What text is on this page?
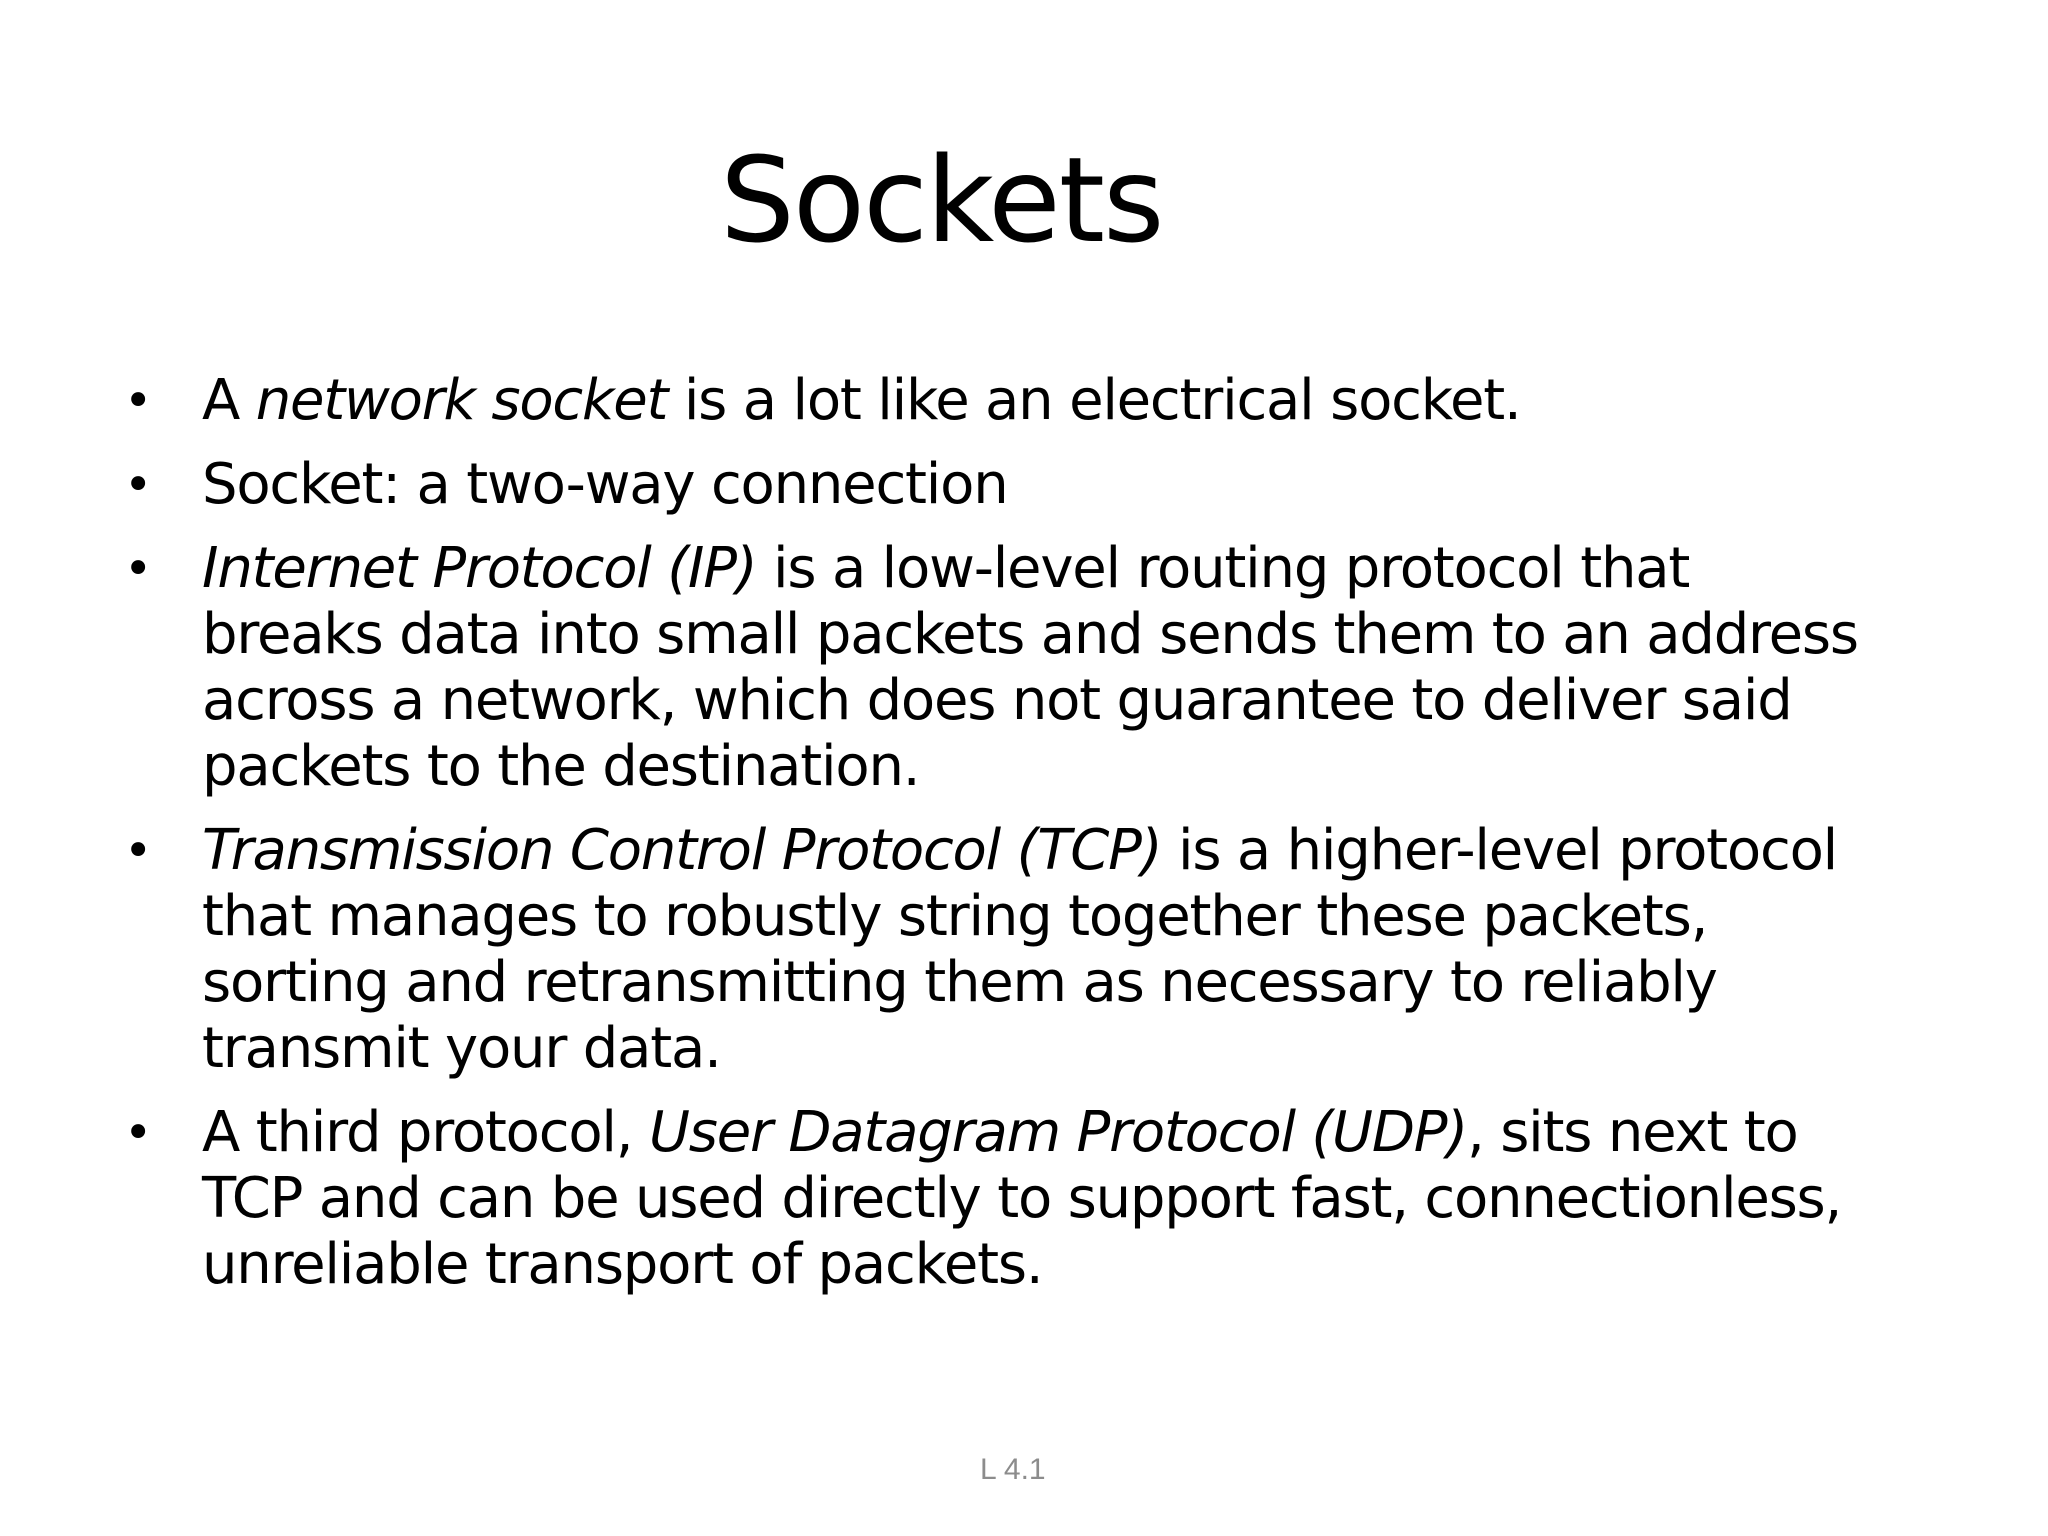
Sockets
• A network socket is a lot like an electrical socket.
• Socket: a two-way connection
• Internet Protocol (IP) is a low-level routing protocol that
breaks data into small packets and sends them to an address
across a network, which does not guarantee to deliver said
packets to the destination.
• Transmission Control Protocol (TCP) is a higher-level protocol
that manages to robustly string together these packets,
sorting and retransmitting them as necessary to reliably
transmit your data.
• A third protocol, User Datagram Protocol (UDP), sits next to
TCP and can be used directly to support fast, connectionless,
unreliable transport of packets.
L 4.1
